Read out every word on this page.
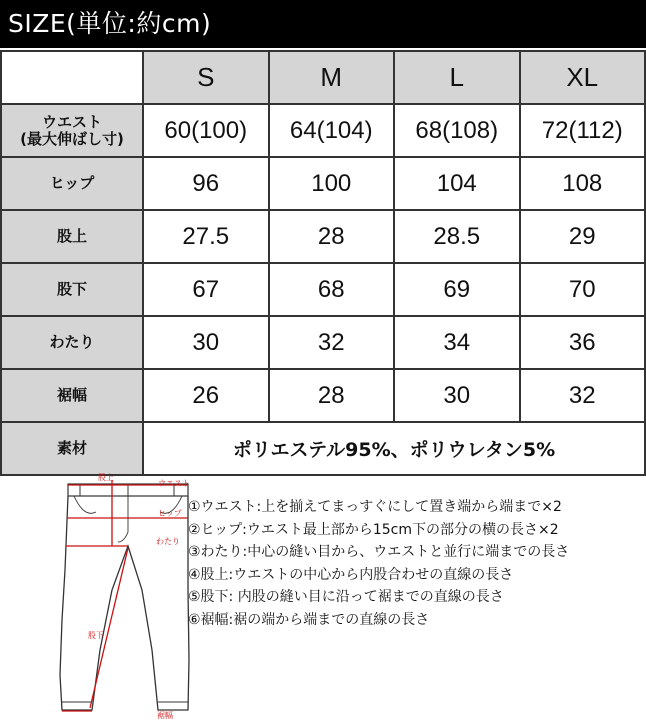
SIZE(単位:約cm)
	S	M	L	XL

ウエスト
(最大伸ばし寸)	60(100)	64(104)	68(108)	72(112)
ヒップ	96	100	104	108
股上	27.5	28	28.5	29
股下	67	68	69	70
わたり	30	32	34	36
裾幅	26	28	30	32
素材	ポリエステル95%、ポリウレタン5%			
股上
ウエスト
ヒップ
わたり
股下
裾幅
①ウエスト:上を揃えてまっすぐにして置き端から端まで×2
②ヒップ:ウエスト最上部から15cm下の部分の横の長さ×2
③わたり:中心の縫い目から、ウエストと並行に端までの長さ
④股上:ウエストの中心から内股合わせの直線の長さ
⑤股下: 内股の縫い目に沿って裾までの直線の長さ
⑥裾幅:裾の端から端までの直線の長さ
